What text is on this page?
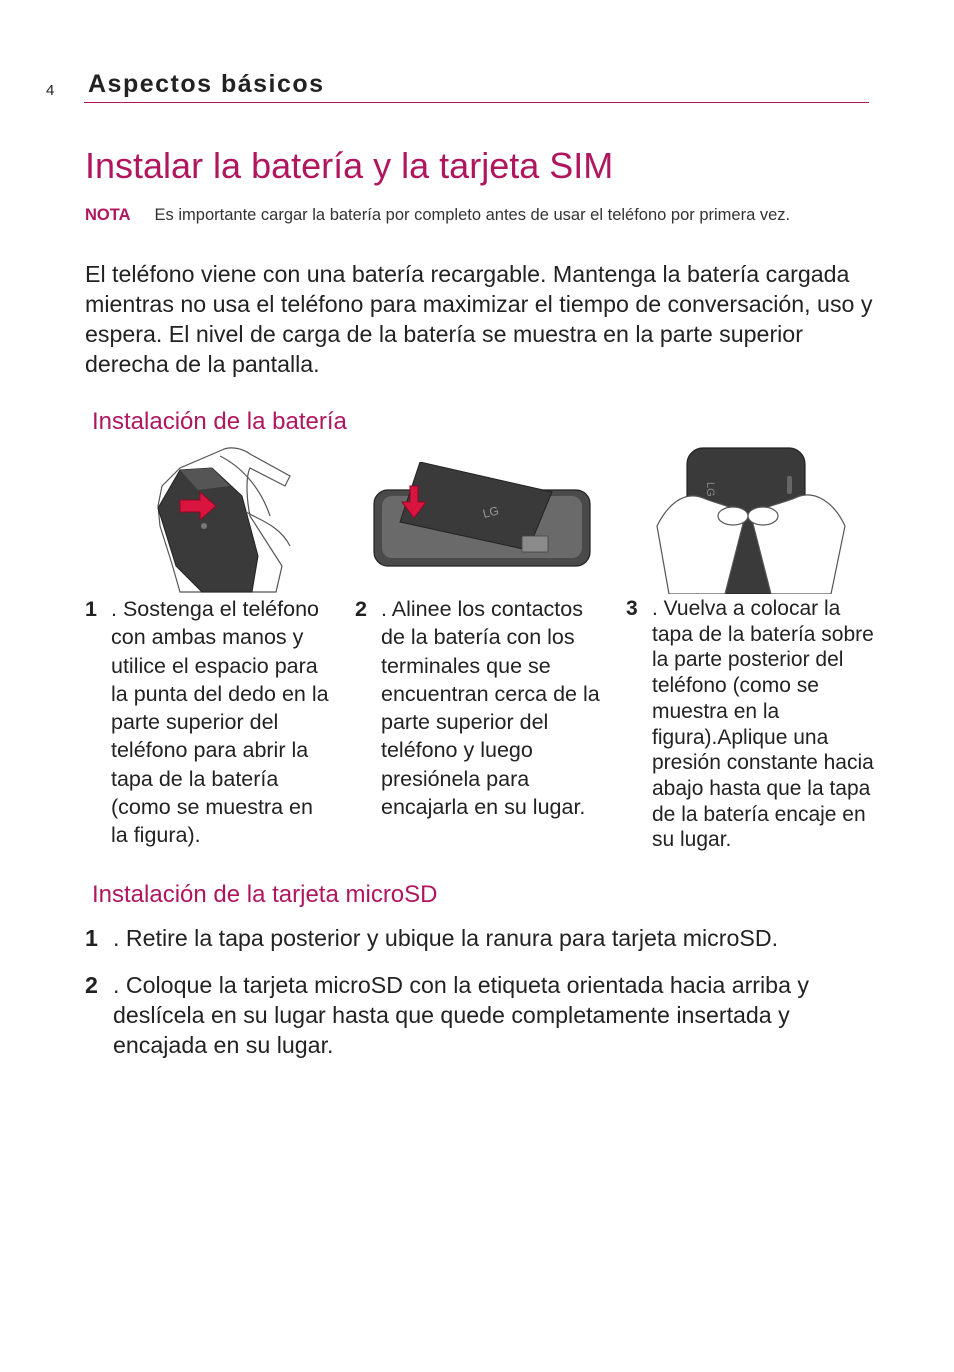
4 Aspectos básicos
Instalar la batería y la tarjeta SIM
NOTA Es importante cargar la batería por completo antes de usar el teléfono por primera vez.
El teléfono viene con una batería recargable. Mantenga la batería cargada mientras no usa el teléfono para maximizar el tiempo de conversación, uso y espera. El nivel de carga de la batería se muestra en la parte superior derecha de la pantalla.
Instalación de la batería
LG
LG
1 . Sostenga el teléfono con ambas manos y utilice el espacio para la punta del dedo en la parte superior del teléfono para abrir la tapa de la batería (como se muestra en la figura).
2 . Alinee los contactos de la batería con los terminales que se encuentran cerca de la parte superior del teléfono y luego presiónela para encajarla en su lugar.
3 . Vuelva a colocar la tapa de la batería sobre la parte posterior del teléfono (como se muestra en la figura).Aplique una presión constante hacia abajo hasta que la tapa de la batería encaje en su lugar.
Instalación de la tarjeta microSD
1 . Retire la tapa posterior y ubique la ranura para tarjeta microSD.
2 . Coloque la tarjeta microSD con la etiqueta orientada hacia arriba y deslícela en su lugar hasta que quede completamente insertada y encajada en su lugar.
